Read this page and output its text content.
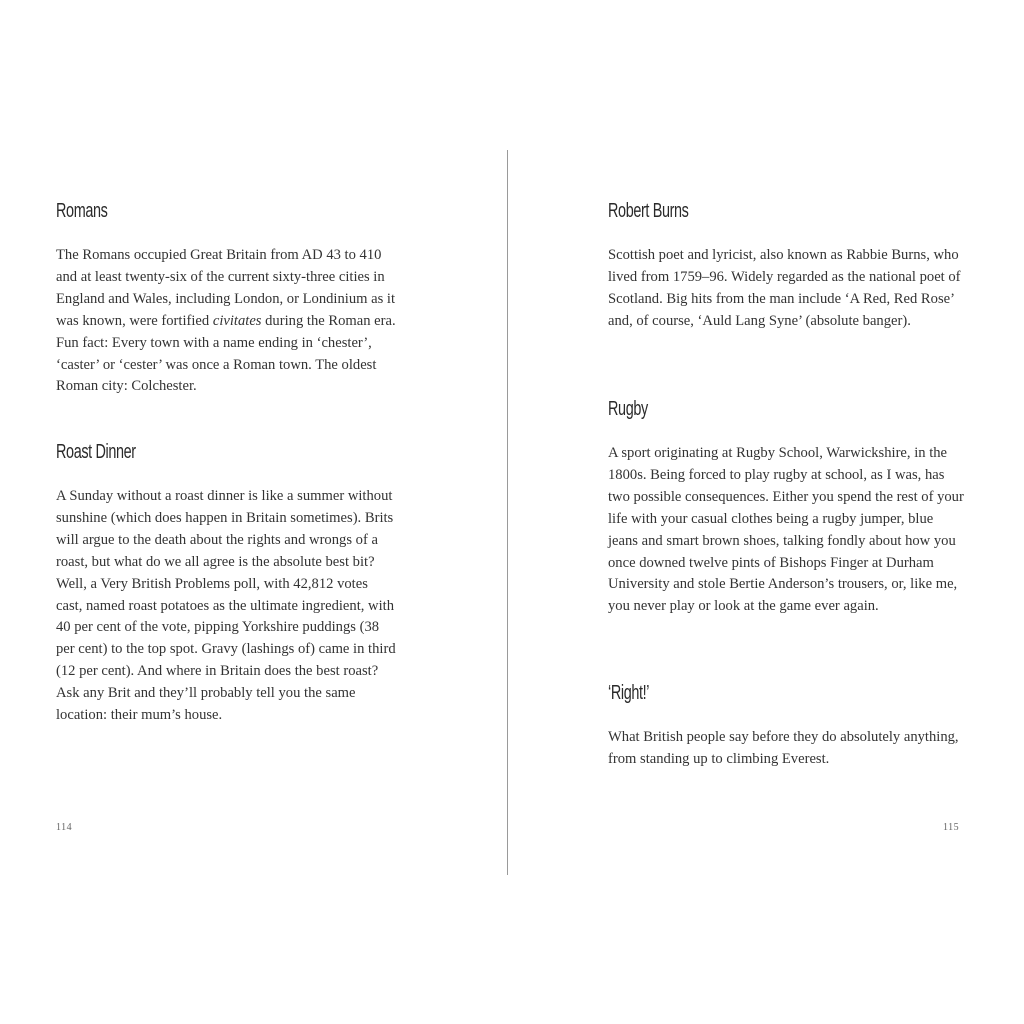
Romans

The Romans occupied Great Britain from AD 43 to 410 and at least twenty-six of the current sixty-three cities in England and Wales, including London, or Londinium as it was known, were fortified civitates during the Roman era. Fun fact: Every town with a name ending in ‘chester’, ‘caster’ or ‘cester’ was once a Roman town. The oldest Roman city: Colchester.

Roast Dinner

A Sunday without a roast dinner is like a summer without sunshine (which does happen in Britain sometimes). Brits will argue to the death about the rights and wrongs of a roast, but what do we all agree is the absolute best bit? Well, a Very British Problems poll, with 42,812 votes cast, named roast potatoes as the ultimate ingredient, with 40 per cent of the vote, pipping Yorkshire puddings (38 per cent) to the top spot. Gravy (lashings of) came in third (12 per cent). And where in Britain does the best roast? Ask any Brit and they’ll probably tell you the same location: their mum’s house.

Robert Burns

Scottish poet and lyricist, also known as Rabbie Burns, who lived from 1759–96. Widely regarded as the national poet of Scotland. Big hits from the man include ‘A Red, Red Rose’ and, of course, ‘Auld Lang Syne’ (absolute banger).

Rugby

A sport originating at Rugby School, Warwickshire, in the 1800s. Being forced to play rugby at school, as I was, has two possible consequences. Either you spend the rest of your life with your casual clothes being a rugby jumper, blue jeans and smart brown shoes, talking fondly about how you once downed twelve pints of Bishops Finger at Durham University and stole Bertie Anderson’s trousers, or, like me, you never play or look at the game ever again.

‘Right!’

What British people say before they do absolutely anything, from standing up to climbing Everest.

114	115
